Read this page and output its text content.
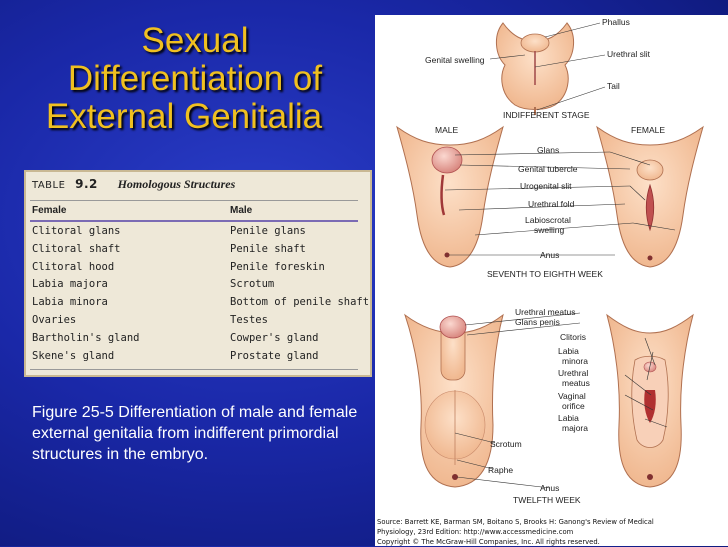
Sexual
Differentiation of
External Genitalia
TABLE 9.2 Homologous Structures
Female	Male
Clitoral glans	Penile glans
Clitoral shaft	Penile shaft
Clitoral hood	Penile foreskin
Labia majora	Scrotum
Labia minora	Bottom of penile shaft
Ovaries	Testes
Bartholin's gland	Cowper's gland
Skene's gland	Prostate gland
Figure 25-5 Differentiation of male and female external genitalia from indifferent primordial structures in the embryo.
Phallus
Genital swelling
Urethral slit
Tail
INDIFFERENT STAGE
MALE	FEMALE
Glans
Genital tubercle
Urogenital slit
Urethral fold
Labioscrotal
swelling
Anus
SEVENTH TO EIGHTH WEEK
Urethral meatus
Glans penis
Clitoris
Labia
minora
Urethral
meatus
Vaginal
orifice
Labia
majora
Scrotum
Raphe
Anus
TWELFTH WEEK
Source: Barrett KE, Barman SM, Boitano S, Brooks H: Ganong's Review of Medical
Physiology, 23rd Edition: http://www.accessmedicine.com
Copyright © The McGraw-Hill Companies, Inc. All rights reserved.
